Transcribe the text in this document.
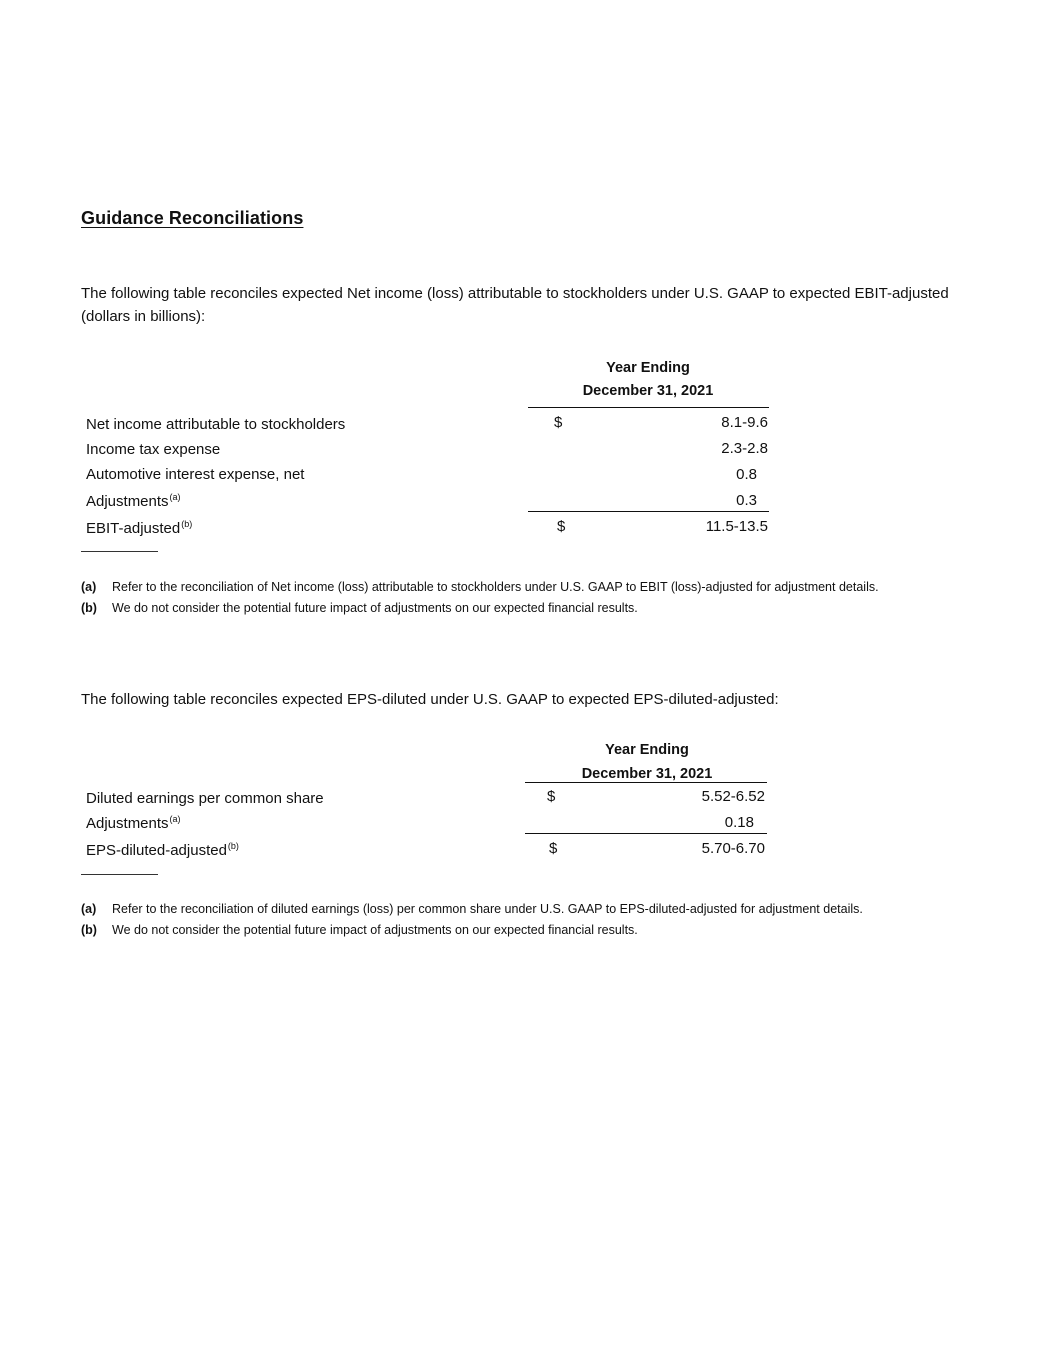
Guidance Reconciliations
The following table reconciles expected Net income (loss) attributable to stockholders under U.S. GAAP to expected EBIT-adjusted (dollars in billions):
Year Ending
December 31, 2021
Net income attributable to stockholders	$	8.1-9.6
Income tax expense	2.3-2.8
Automotive interest expense, net	0.8
Adjustments$^{(a)}$	0.3
EBIT-adjusted$^{(b)}$	$	11.5-13.5
(a) Refer to the reconciliation of Net income (loss) attributable to stockholders under U.S. GAAP to EBIT (loss)-adjusted for adjustment details.
(b) We do not consider the potential future impact of adjustments on our expected financial results.
The following table reconciles expected EPS-diluted under U.S. GAAP to expected EPS-diluted-adjusted:
Year Ending
December 31, 2021
Diluted earnings per common share	$	5.52-6.52
Adjustments$^{(a)}$	0.18
EPS-diluted-adjusted$^{(b)}$	$	5.70-6.70
(a) Refer to the reconciliation of diluted earnings (loss) per common share under U.S. GAAP to EPS-diluted-adjusted for adjustment details.
(b) We do not consider the potential future impact of adjustments on our expected financial results.
